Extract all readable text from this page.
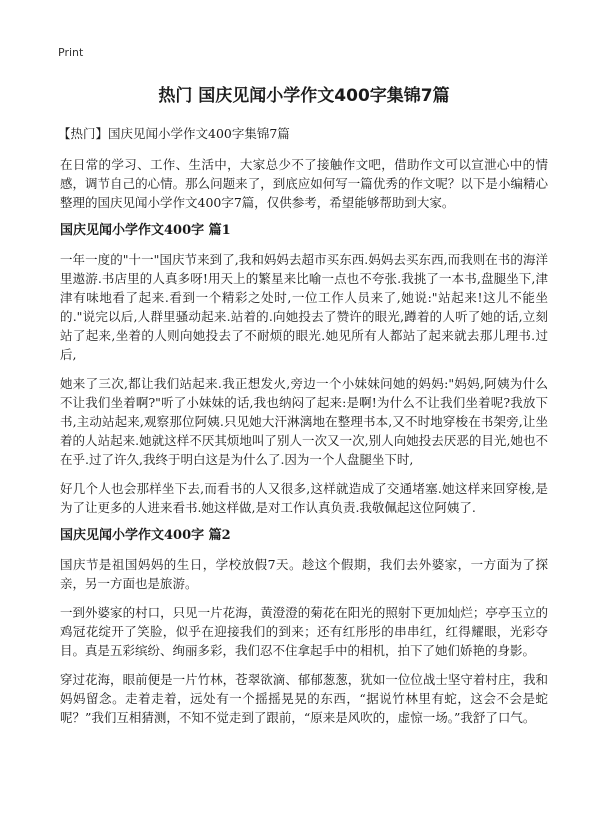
Print
热门 国庆见闻小学作文400字集锦7篇
【热门】国庆见闻小学作文400字集锦7篇

在日常的学习、工作、生活中，大家总少不了接触作文吧，借助作文可以宣泄心中的情感，调节自己的心情。那么问题来了，到底应如何写一篇优秀的作文呢？以下是小编精心整理的国庆见闻小学作文400字7篇，仅供参考，希望能够帮助到大家。

国庆见闻小学作文400字 篇1

一年一度的"十一"国庆节来到了,我和妈妈去超市买东西.妈妈去买东西,而我则在书的海洋里遨游.书店里的人真多呀!用天上的繁星来比喻一点也不夸张.我挑了一本书,盘腿坐下,津津有味地看了起来.看到一个精彩之处时,一位工作人员来了,她说:"站起来!这儿不能坐的."说完以后,人群里骚动起来.站着的.向她投去了赞许的眼光,蹲着的人听了她的话,立刻站了起来,坐着的人则向她投去了不耐烦的眼光.她见所有人都站了起来就去那儿理书.过后,

她来了三次,都让我们站起来.我正想发火,旁边一个小妹妹问她的妈妈:"妈妈,阿姨为什么不让我们坐着啊?"听了小妹妹的话,我也纳闷了起来:是啊!为什么不让我们坐着呢?我放下书,主动站起来,观察那位阿姨.只见她大汗淋漓地在整理书本,又不时地穿梭在书架旁,让坐着的人站起来.她就这样不厌其烦地叫了别人一次又一次,别人向她投去厌恶的目光,她也不在乎.过了许久,我终于明白这是为什么了.因为一个人盘腿坐下时,

好几个人也会那样坐下去,而看书的人又很多,这样就造成了交通堵塞.她这样来回穿梭,是为了让更多的人进来看书.她这样做,是对工作认真负责.我敬佩起这位阿姨了.

国庆见闻小学作文400字 篇2

国庆节是祖国妈妈的生日，学校放假7天。趁这个假期，我们去外婆家，一方面为了探亲，另一方面也是旅游。

一到外婆家的村口，只见一片花海，黄澄澄的菊花在阳光的照射下更加灿烂；亭亭玉立的鸡冠花绽开了笑脸，似乎在迎接我们的到来；还有红彤彤的串串红，红得耀眼，光彩夺目。真是五彩缤纷、绚丽多彩，我们忍不住拿起手中的相机，拍下了她们娇艳的身影。

穿过花海，眼前便是一片竹林，苍翠欲滴、郁郁葱葱，犹如一位位战士坚守着村庄，我和妈妈留念。走着走着，远处有一个摇摇晃晃的东西，“据说竹林里有蛇，这会不会是蛇呢？”我们互相猜测，不知不觉走到了跟前，“原来是风吹的，虚惊一场。”我舒了口气。
